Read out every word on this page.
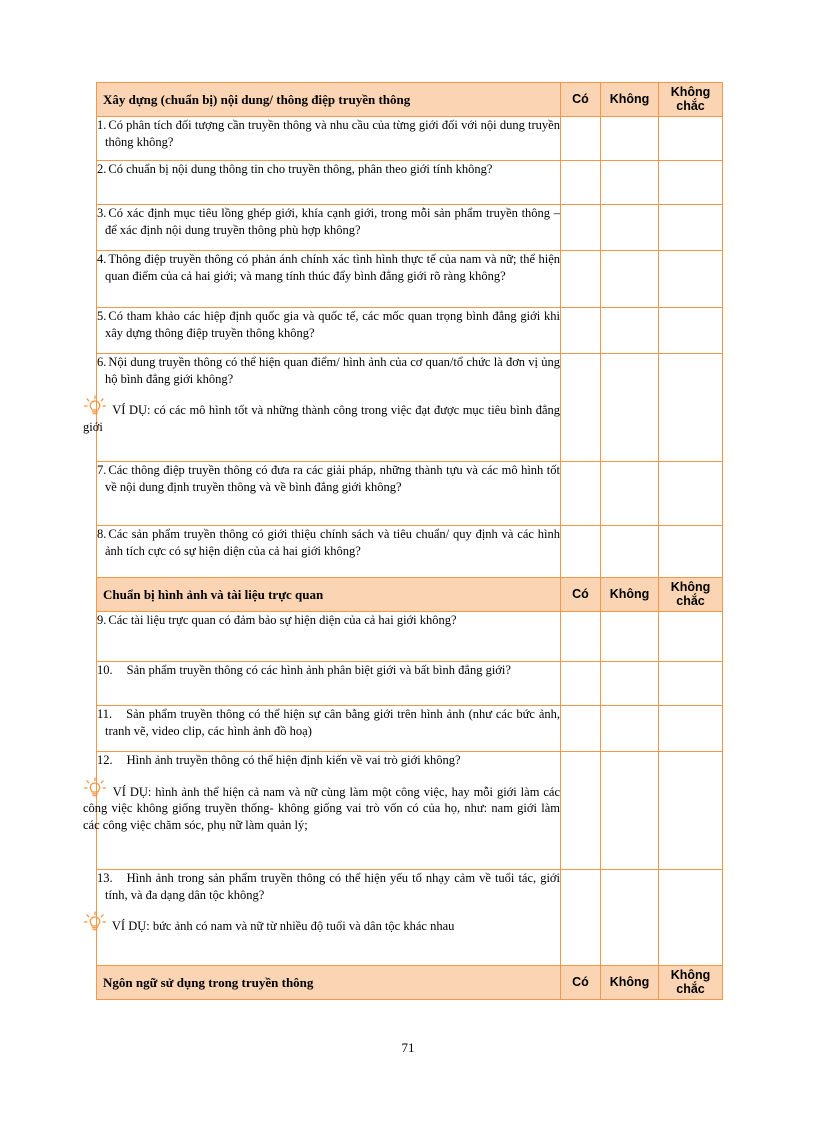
Xây dựng (chuẩn bị) nội dung/ thông điệp truyền thông	Có	Không	Không chắc

1. Có phân tích đối tượng cần truyền thông và nhu cầu của từng giới đối với nội dung truyền thông không?			

2. Có chuẩn bị nội dung thông tin cho truyền thông, phân theo giới tính không?			

3. Có xác định mục tiêu lồng ghép giới, khía cạnh giới, trong mỗi sản phẩm truyền thông – để xác định nội dung truyền thông phù hợp không?			

4. Thông điệp truyền thông có phản ánh chính xác tình hình thực tế của nam và nữ; thể hiện quan điểm của cả hai giới; và mang tính thúc đẩy bình đẳng giới rõ ràng không?			

5. Có tham khảo các hiệp định quốc gia và quốc tế, các mốc quan trọng bình đẳng giới khi xây dựng thông điệp truyền thông không?			

6. Nội dung truyền thông có thể hiện quan điểm/ hình ảnh của cơ quan/tổ chức là đơn vị ủng hộ bình đẳng giới không?
VÍ DỤ: có các mô hình tốt và những thành công trong việc đạt được mục tiêu bình đẳng giới			

7. Các thông điệp truyền thông có đưa ra các giải pháp, những thành tựu và các mô hình tốt về nội dung định truyền thông và về bình đẳng giới không?			

8. Các sản phẩm truyền thông có giới thiệu chính sách và tiêu chuẩn/ quy định và các hình ảnh tích cực có sự hiện diện của cả hai giới không?			

Chuẩn bị hình ảnh và tài liệu trực quan	Có	Không	Không chắc

9. Các tài liệu trực quan có đảm bảo sự hiện diện của cả hai giới không?			

10. Sản phẩm truyền thông có các hình ảnh phân biệt giới và bất bình đẳng giới?			

11. Sản phẩm truyền thông có thể hiện sự cân bằng giới trên hình ảnh (như các bức ảnh, tranh vẽ, video clip, các hình ảnh đồ hoạ)			

12. Hình ảnh truyền thông có thể hiện định kiến về vai trò giới không?
VÍ DỤ: hình ảnh thể hiện cả nam và nữ cùng làm một công việc, hay mỗi giới làm các công việc không giống truyền thống- không giống vai trò vốn có của họ, như: nam giới làm các công việc chăm sóc, phụ nữ làm quản lý;			

13. Hình ảnh trong sản phẩm truyền thông có thể hiện yếu tố nhạy cảm về tuổi tác, giới tính, và đa dạng dân tộc không?
VÍ DỤ: bức ảnh có nam và nữ từ nhiều độ tuổi và dân tộc khác nhau			

Ngôn ngữ sử dụng trong truyền thông	Có	Không	Không chắc
71
